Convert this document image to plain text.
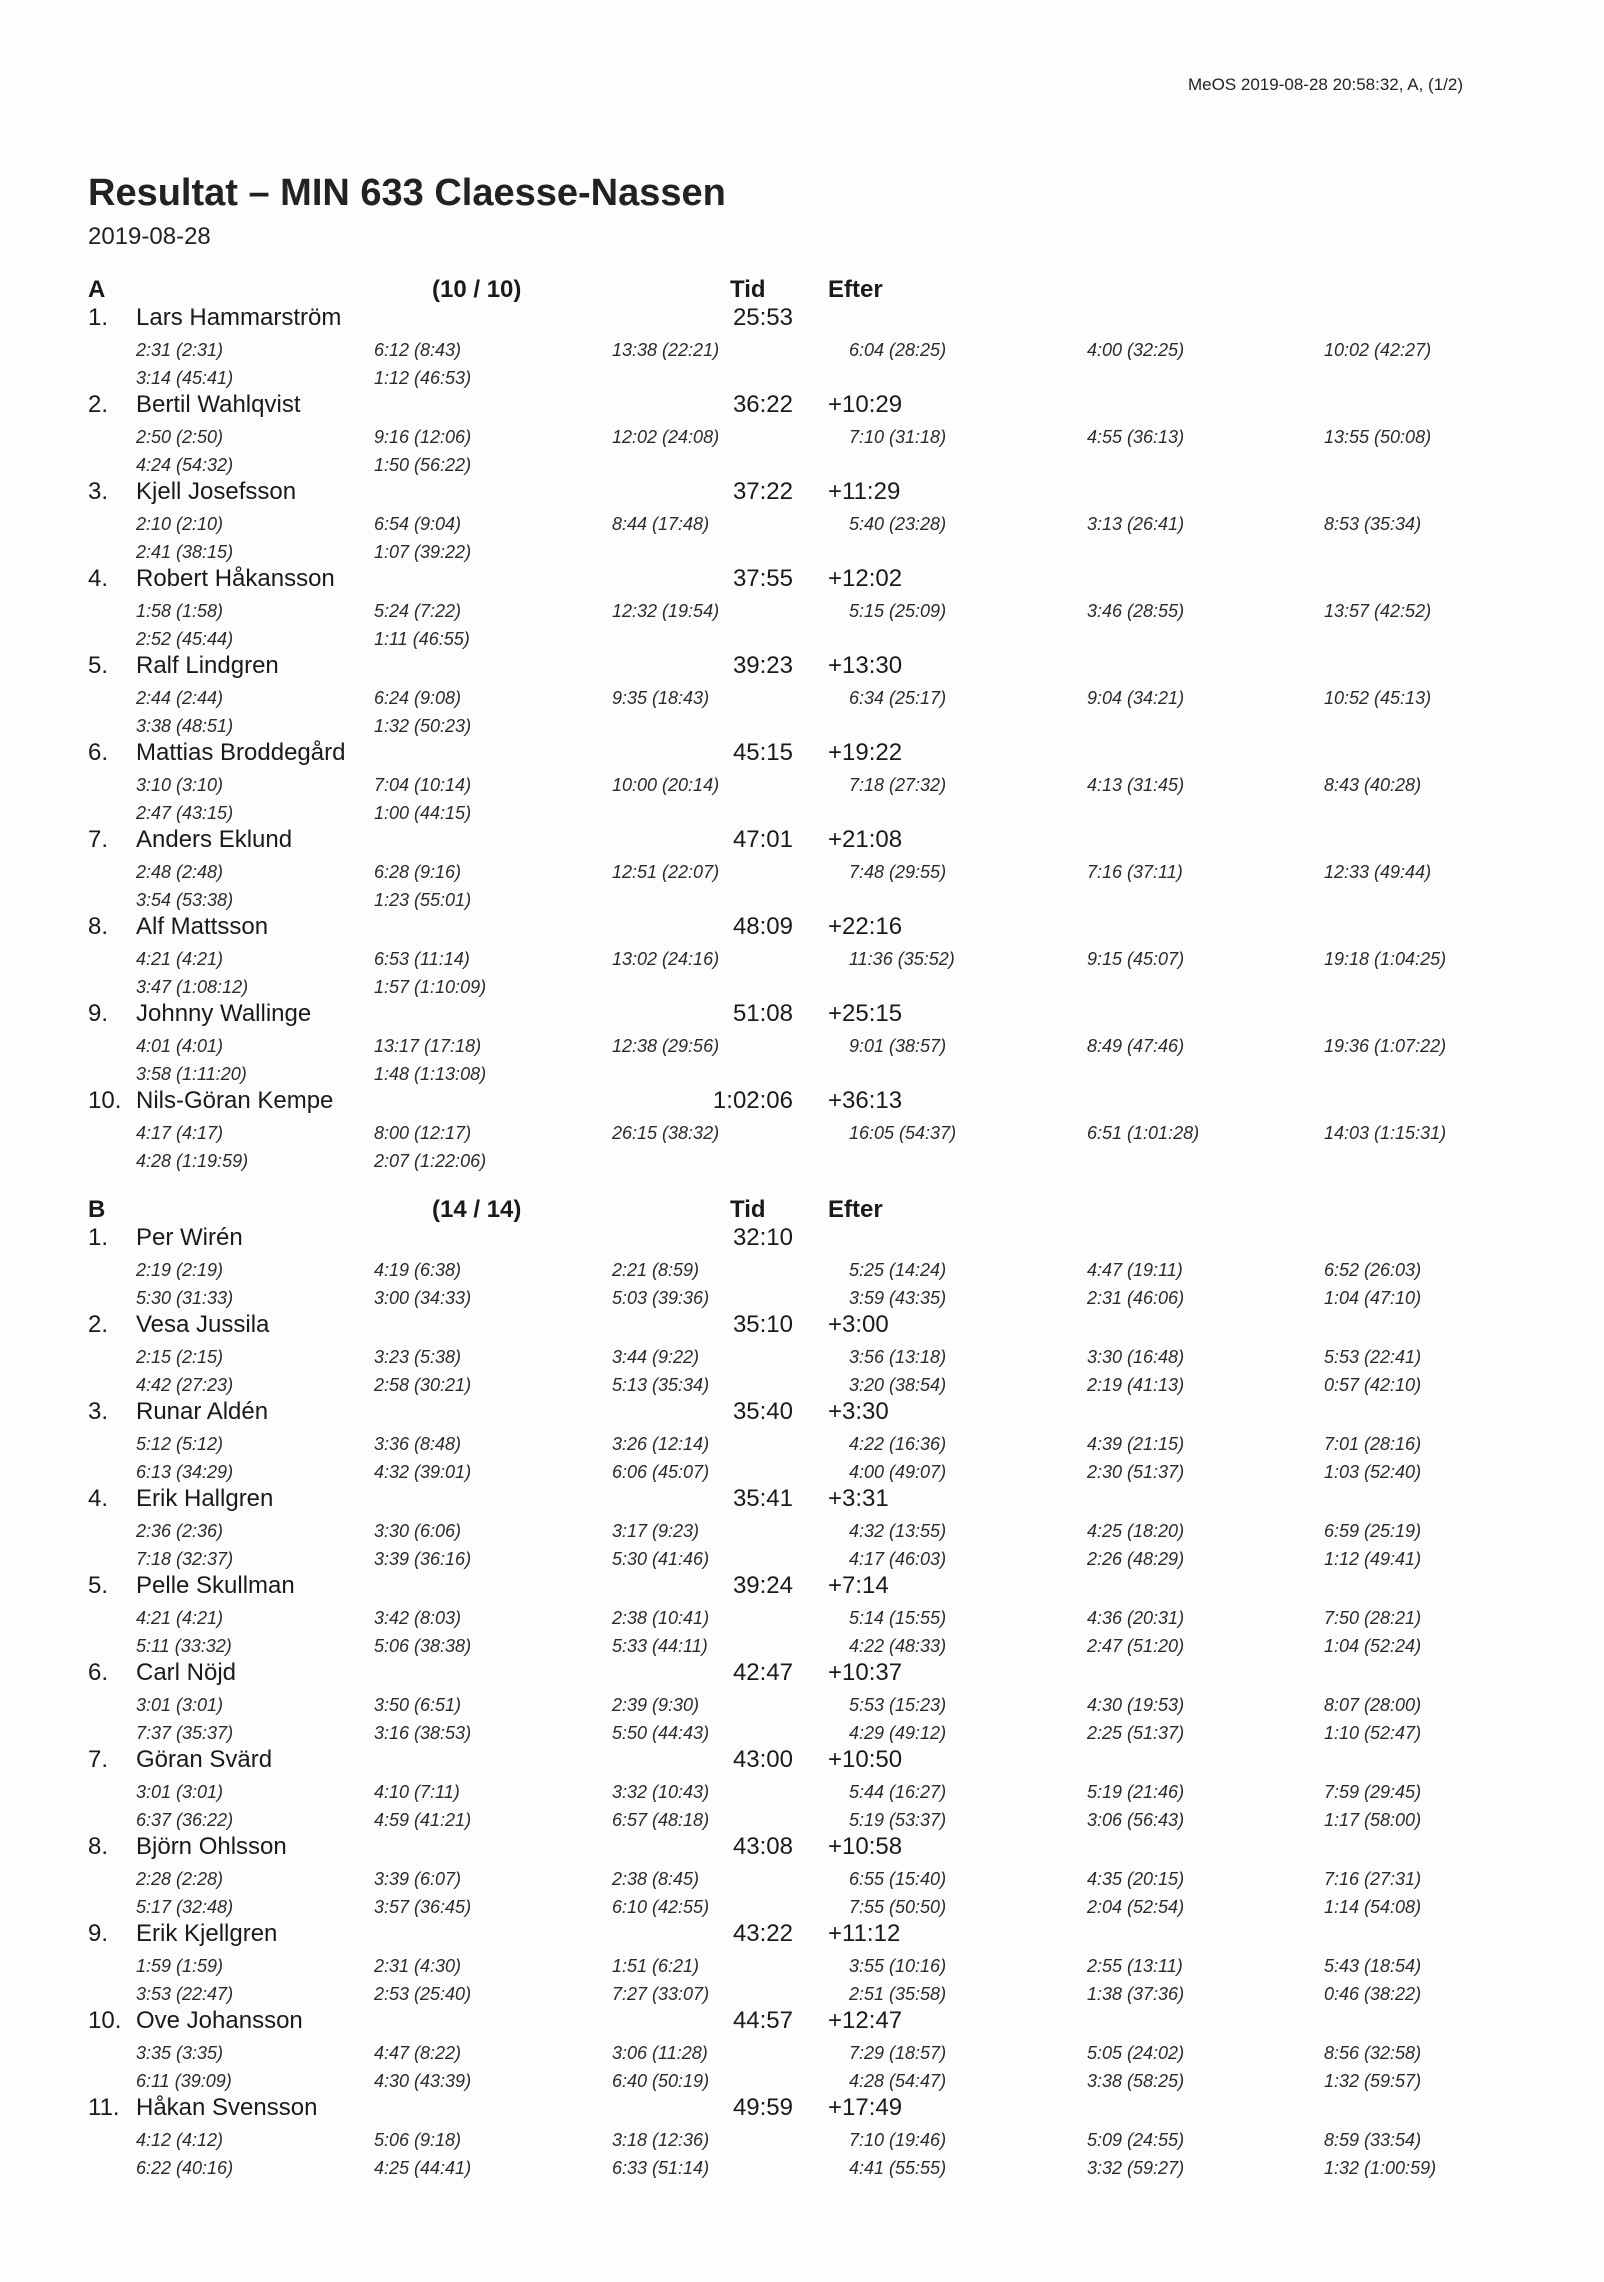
MeOS 2019-08-28 20:58:32, A, (1/2)
Resultat – MIN 633 Claesse-Nassen
2019-08-28
A	(10 / 10)	Tid	Efter
1. Lars Hammarström	25:53
2:31 (2:31)	6:12 (8:43)	13:38 (22:21)	6:04 (28:25)	4:00 (32:25)	10:02 (42:27)
3:14 (45:41)	1:12 (46:53)
2. Bertil Wahlqvist	36:22 +10:29
2:50 (2:50)	9:16 (12:06)	12:02 (24:08)	7:10 (31:18)	4:55 (36:13)	13:55 (50:08)
4:24 (54:32)	1:50 (56:22)
3. Kjell Josefsson	37:22 +11:29
2:10 (2:10)	6:54 (9:04)	8:44 (17:48)	5:40 (23:28)	3:13 (26:41)	8:53 (35:34)
2:41 (38:15)	1:07 (39:22)
4. Robert Håkansson	37:55 +12:02
1:58 (1:58)	5:24 (7:22)	12:32 (19:54)	5:15 (25:09)	3:46 (28:55)	13:57 (42:52)
2:52 (45:44)	1:11 (46:55)
5. Ralf Lindgren	39:23 +13:30
2:44 (2:44)	6:24 (9:08)	9:35 (18:43)	6:34 (25:17)	9:04 (34:21)	10:52 (45:13)
3:38 (48:51)	1:32 (50:23)
6. Mattias Broddegård	45:15 +19:22
3:10 (3:10)	7:04 (10:14)	10:00 (20:14)	7:18 (27:32)	4:13 (31:45)	8:43 (40:28)
2:47 (43:15)	1:00 (44:15)
7. Anders Eklund	47:01 +21:08
2:48 (2:48)	6:28 (9:16)	12:51 (22:07)	7:48 (29:55)	7:16 (37:11)	12:33 (49:44)
3:54 (53:38)	1:23 (55:01)
8. Alf Mattsson	48:09 +22:16
4:21 (4:21)	6:53 (11:14)	13:02 (24:16)	11:36 (35:52)	9:15 (45:07)	19:18 (1:04:25)
3:47 (1:08:12)	1:57 (1:10:09)
9. Johnny Wallinge	51:08 +25:15
4:01 (4:01)	13:17 (17:18)	12:38 (29:56)	9:01 (38:57)	8:49 (47:46)	19:36 (1:07:22)
3:58 (1:11:20)	1:48 (1:13:08)
10. Nils-Göran Kempe	1:02:06 +36:13
4:17 (4:17)	8:00 (12:17)	26:15 (38:32)	16:05 (54:37)	6:51 (1:01:28)	14:03 (1:15:31)
4:28 (1:19:59)	2:07 (1:22:06)
B	(14 / 14)	Tid	Efter
1. Per Wirén	32:10
2:19 (2:19)	4:19 (6:38)	2:21 (8:59)	5:25 (14:24)	4:47 (19:11)	6:52 (26:03)
5:30 (31:33)	3:00 (34:33)	5:03 (39:36)	3:59 (43:35)	2:31 (46:06)	1:04 (47:10)
2. Vesa Jussila	35:10 +3:00
2:15 (2:15)	3:23 (5:38)	3:44 (9:22)	3:56 (13:18)	3:30 (16:48)	5:53 (22:41)
4:42 (27:23)	2:58 (30:21)	5:13 (35:34)	3:20 (38:54)	2:19 (41:13)	0:57 (42:10)
3. Runar Aldén	35:40 +3:30
5:12 (5:12)	3:36 (8:48)	3:26 (12:14)	4:22 (16:36)	4:39 (21:15)	7:01 (28:16)
6:13 (34:29)	4:32 (39:01)	6:06 (45:07)	4:00 (49:07)	2:30 (51:37)	1:03 (52:40)
4. Erik Hallgren	35:41 +3:31
2:36 (2:36)	3:30 (6:06)	3:17 (9:23)	4:32 (13:55)	4:25 (18:20)	6:59 (25:19)
7:18 (32:37)	3:39 (36:16)	5:30 (41:46)	4:17 (46:03)	2:26 (48:29)	1:12 (49:41)
5. Pelle Skullman	39:24 +7:14
4:21 (4:21)	3:42 (8:03)	2:38 (10:41)	5:14 (15:55)	4:36 (20:31)	7:50 (28:21)
5:11 (33:32)	5:06 (38:38)	5:33 (44:11)	4:22 (48:33)	2:47 (51:20)	1:04 (52:24)
6. Carl Nöjd	42:47 +10:37
3:01 (3:01)	3:50 (6:51)	2:39 (9:30)	5:53 (15:23)	4:30 (19:53)	8:07 (28:00)
7:37 (35:37)	3:16 (38:53)	5:50 (44:43)	4:29 (49:12)	2:25 (51:37)	1:10 (52:47)
7. Göran Svärd	43:00 +10:50
3:01 (3:01)	4:10 (7:11)	3:32 (10:43)	5:44 (16:27)	5:19 (21:46)	7:59 (29:45)
6:37 (36:22)	4:59 (41:21)	6:57 (48:18)	5:19 (53:37)	3:06 (56:43)	1:17 (58:00)
8. Björn Ohlsson	43:08 +10:58
2:28 (2:28)	3:39 (6:07)	2:38 (8:45)	6:55 (15:40)	4:35 (20:15)	7:16 (27:31)
5:17 (32:48)	3:57 (36:45)	6:10 (42:55)	7:55 (50:50)	2:04 (52:54)	1:14 (54:08)
9. Erik Kjellgren	43:22 +11:12
1:59 (1:59)	2:31 (4:30)	1:51 (6:21)	3:55 (10:16)	2:55 (13:11)	5:43 (18:54)
3:53 (22:47)	2:53 (25:40)	7:27 (33:07)	2:51 (35:58)	1:38 (37:36)	0:46 (38:22)
10. Ove Johansson	44:57 +12:47
3:35 (3:35)	4:47 (8:22)	3:06 (11:28)	7:29 (18:57)	5:05 (24:02)	8:56 (32:58)
6:11 (39:09)	4:30 (43:39)	6:40 (50:19)	4:28 (54:47)	3:38 (58:25)	1:32 (59:57)
11. Håkan Svensson	49:59 +17:49
4:12 (4:12)	5:06 (9:18)	3:18 (12:36)	7:10 (19:46)	5:09 (24:55)	8:59 (33:54)
6:22 (40:16)	4:25 (44:41)	6:33 (51:14)	4:41 (55:55)	3:32 (59:27)	1:32 (1:00:59)
